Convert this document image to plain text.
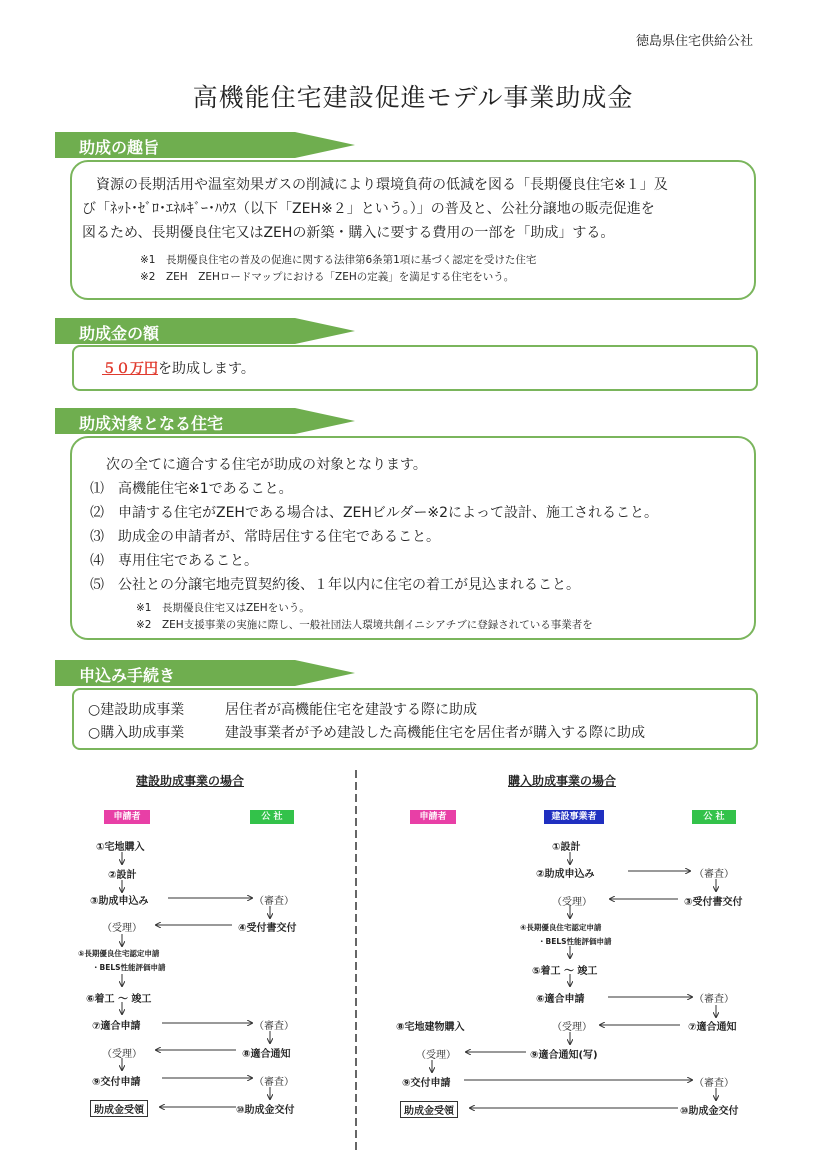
徳島県住宅供給公社
高機能住宅建設促進モデル事業助成金
助成の趣旨
　資源の長期活用や温室効果ガスの削減により環境負荷の低減を図る「長期優良住宅※１」及
び「ﾈｯﾄ･ｾﾞﾛ･ｴﾈﾙｷﾞｰ･ﾊｳｽ（以下「ZEH※２」という。）」の普及と、公社分譲地の販売促進を
図るため、長期優良住宅又はZEHの新築・購入に要する費用の一部を「助成」する。
※1　長期優良住宅の普及の促進に関する法律第6条第1項に基づく認定を受けた住宅
※2　ZEH　ZEHロードマップにおける「ZEHの定義」を満足する住宅をいう。
助成金の額
５０万円を助成します。
助成対象となる住宅
次の全てに適合する住宅が助成の対象となります。
⑴　高機能住宅※1であること。
⑵　申請する住宅がZEHである場合は、ZEHビルダー※2によって設計、施工されること。
⑶　助成金の申請者が、常時居住する住宅であること。
⑷　専用住宅であること。
⑸　公社との分譲宅地売買契約後、１年以内に住宅の着工が見込まれること。
※1　長期優良住宅又はZEHをいう。
※2　ZEH支援事業の実施に際し、一般社団法人環境共創イニシアチブに登録されている事業者を
申込み手続き
○建設助成事業	居住者が高機能住宅を建設する際に助成
○購入助成事業	建設事業者が予め建設した高機能住宅を居住者が購入する際に助成
建設助成事業の場合
申請者	公 社
①宅地購入
②設計
③助成申込み	（審査）
④受付書交付
（受理）
⑤長期優良住宅認定申請
・BELS性能評価申請
⑥着工 ～ 竣工
⑦適合申請	（審査）
⑧適合通知
（受理）
⑨交付申請	（審査）
助成金受領	⑩助成金交付
購入助成事業の場合
申請者	建設事業者	公 社
①設計
②助成申込み	（審査）
（受理）	③受付書交付
④長期優良住宅認定申請
・BELS性能評価申請
⑤着工 ～ 竣工
⑥適合申請	（審査）
⑧宅地建物購入	（受理）	⑦適合通知
（受理）	⑨適合通知(写)
⑨交付申請	（審査）
助成金受領	⑩助成金交付
